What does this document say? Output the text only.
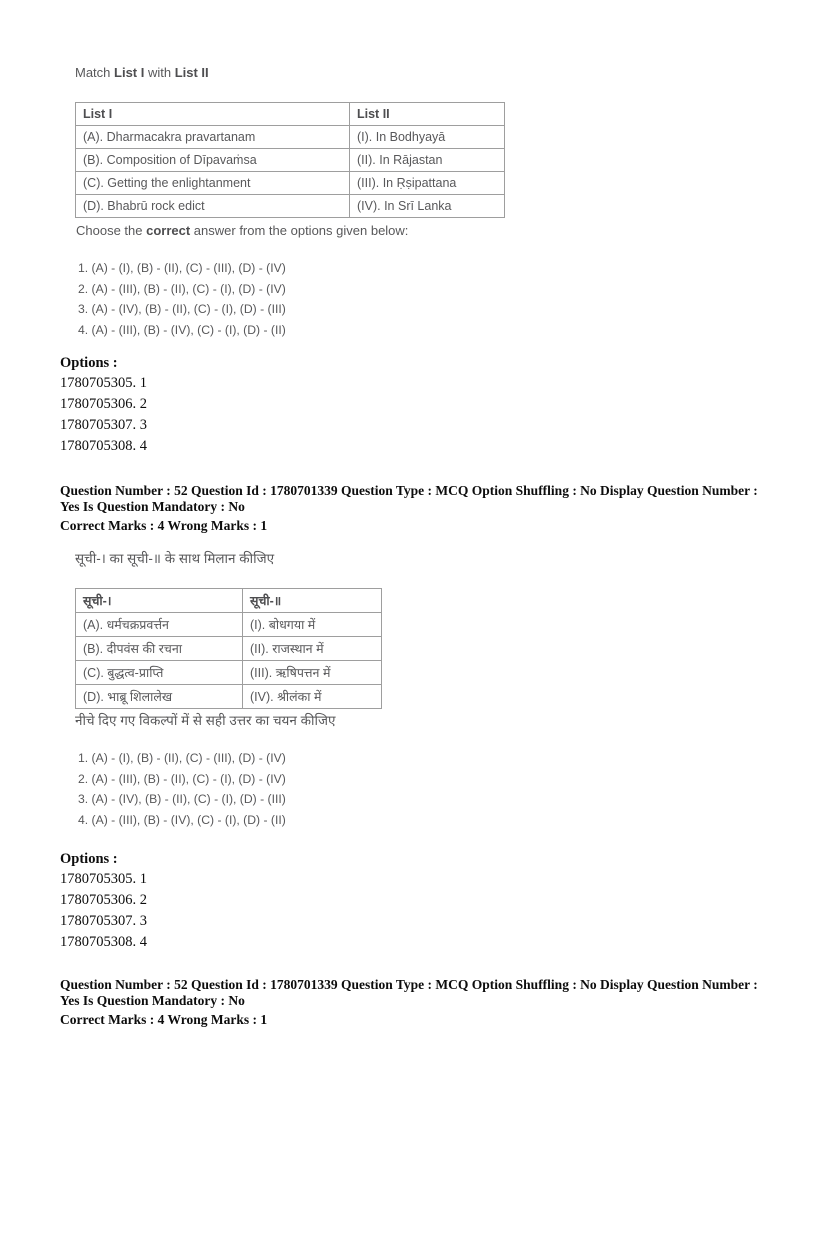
Match List I with List II
List I	List II
(A). Dharmacakra pravartanam	(I). In Bodhyayā
(B). Composition of Dīpavaṁsa	(II). In Rājastan
(C). Getting the enlightanment	(III). In Ṛṣipattana
(D). Bhabrū rock edict	(IV). In Srī Lanka
Choose the correct answer from the options given below:
1. (A) - (I), (B) - (II), (C) - (III), (D) - (IV)
2. (A) - (III), (B) - (II), (C) - (I), (D) - (IV)
3. (A) - (IV), (B) - (II), (C) - (I), (D) - (III)
4. (A) - (III), (B) - (IV), (C) - (I), (D) - (II)
Options :
1780705305. 1
1780705306. 2
1780705307. 3
1780705308. 4
Question Number : 52 Question Id : 1780701339 Question Type : MCQ Option Shuffling : No Display Question Number : Yes Is Question Mandatory : No
Correct Marks : 4 Wrong Marks : 1
सूची-। का सूची-॥ के साथ मिलान कीजिए
सूची-।	सूची-॥
(A). धर्मचक्रप्रवर्त्तन	(I). बोधगया में
(B). दीपवंस की रचना	(II). राजस्थान में
(C). बुद्धत्व-प्राप्ति	(III). ऋषिपत्तन में
(D). भाब्रू शिलालेख	(IV). श्रीलंका में
नीचे दिए गए विकल्पों में से सही उत्तर का चयन कीजिए
1. (A) - (I), (B) - (II), (C) - (III), (D) - (IV)
2. (A) - (III), (B) - (II), (C) - (I), (D) - (IV)
3. (A) - (IV), (B) - (II), (C) - (I), (D) - (III)
4. (A) - (III), (B) - (IV), (C) - (I), (D) - (II)
Options :
1780705305. 1
1780705306. 2
1780705307. 3
1780705308. 4
Question Number : 52 Question Id : 1780701339 Question Type : MCQ Option Shuffling : No Display Question Number : Yes Is Question Mandatory : No
Correct Marks : 4 Wrong Marks : 1
